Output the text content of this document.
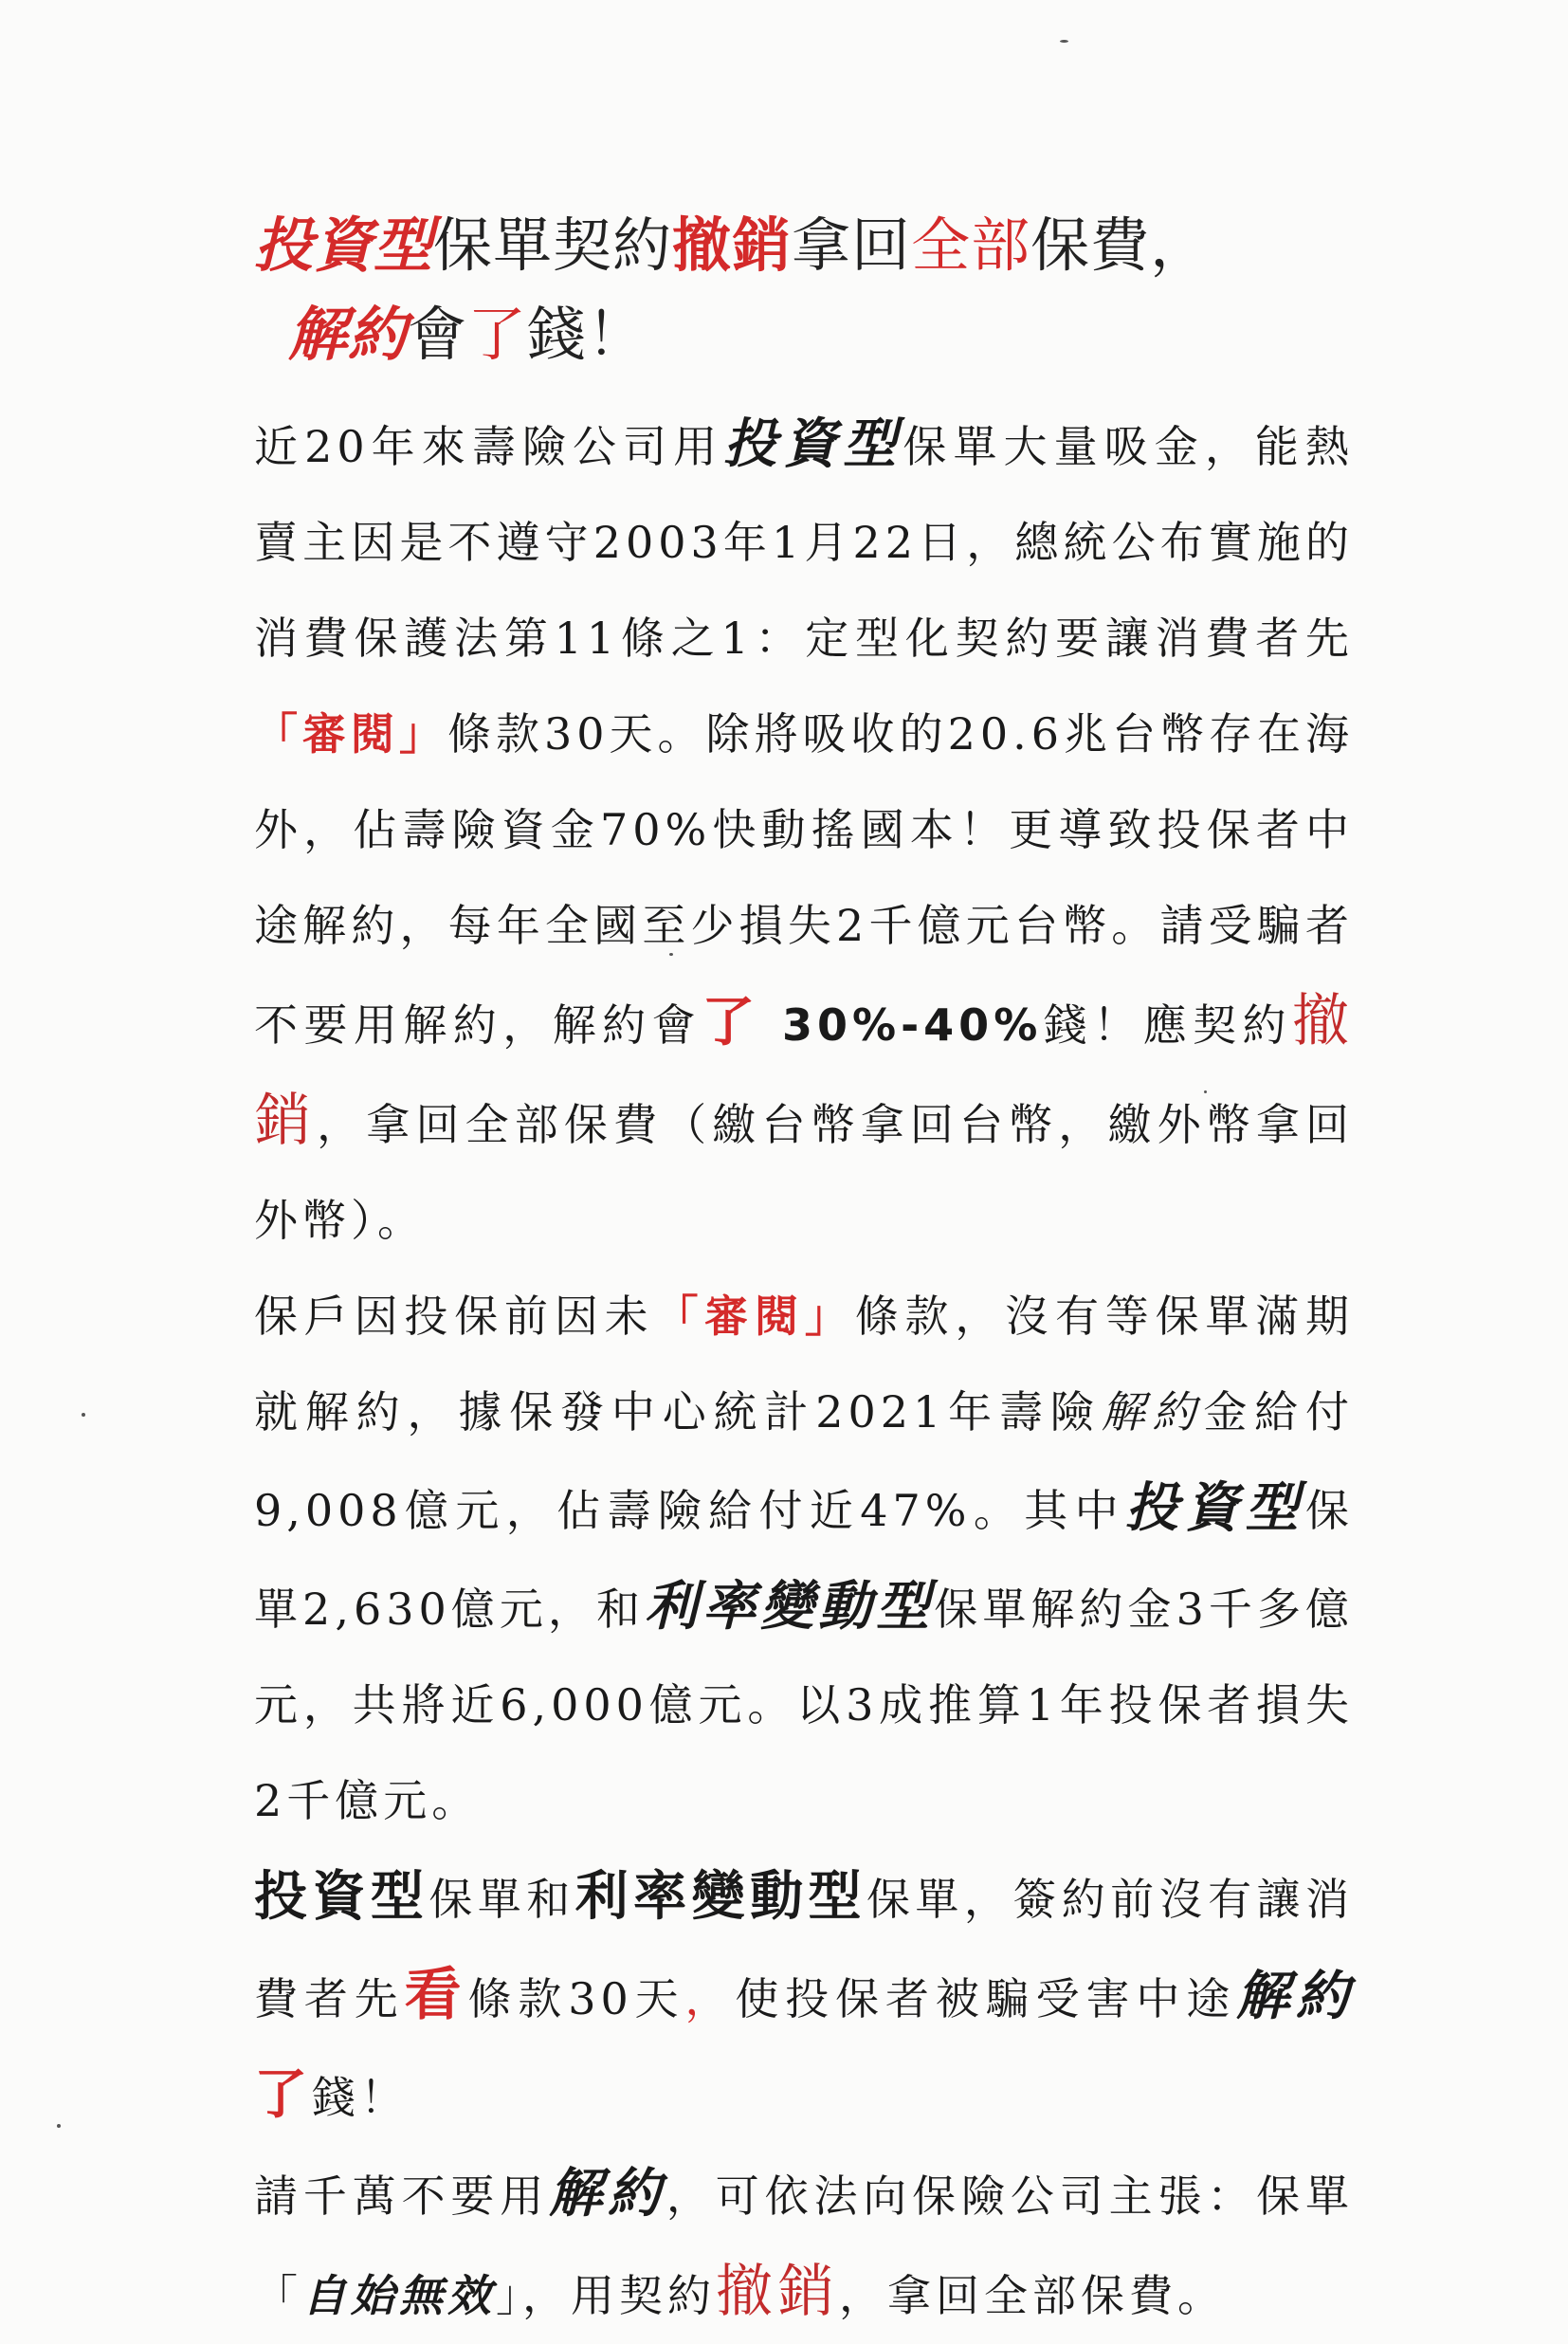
投資型保單契約撤銷拿回全部保費，
解約會了錢！

近20年來壽險公司用投資型保單大量吸金，能熱賣主因是不遵守2003年1月22日，總統公布實施的消費保護法第11條之1：定型化契約要讓消費者先「審閱」條款30天。除將吸收的20.6兆台幣存在海外，佔壽險資金70%快動搖國本！更導致投保者中途解約，每年全國至少損失2千億元台幣。請受騙者不要用解約，解約會了 30%-40%錢！應契約撤銷，拿回全部保費（繳台幣拿回台幣，繳外幣拿回外幣）。

保戶因投保前因未「審閱」條款，沒有等保單滿期就解約，據保發中心統計2021年壽險解約金給付9,008億元，佔壽險給付近47%。其中投資型保單2,630億元，和利率變動型保單解約金3千多億元，共將近6,000億元。以3成推算1年投保者損失2千億元。

投資型保單和利率變動型保單，簽約前沒有讓消費者先看條款30天，使投保者被騙受害中途解約了錢！

請千萬不要用解約，可依法向保險公司主張：保單「自始無效」，用契約撤銷，拿回全部保費。
